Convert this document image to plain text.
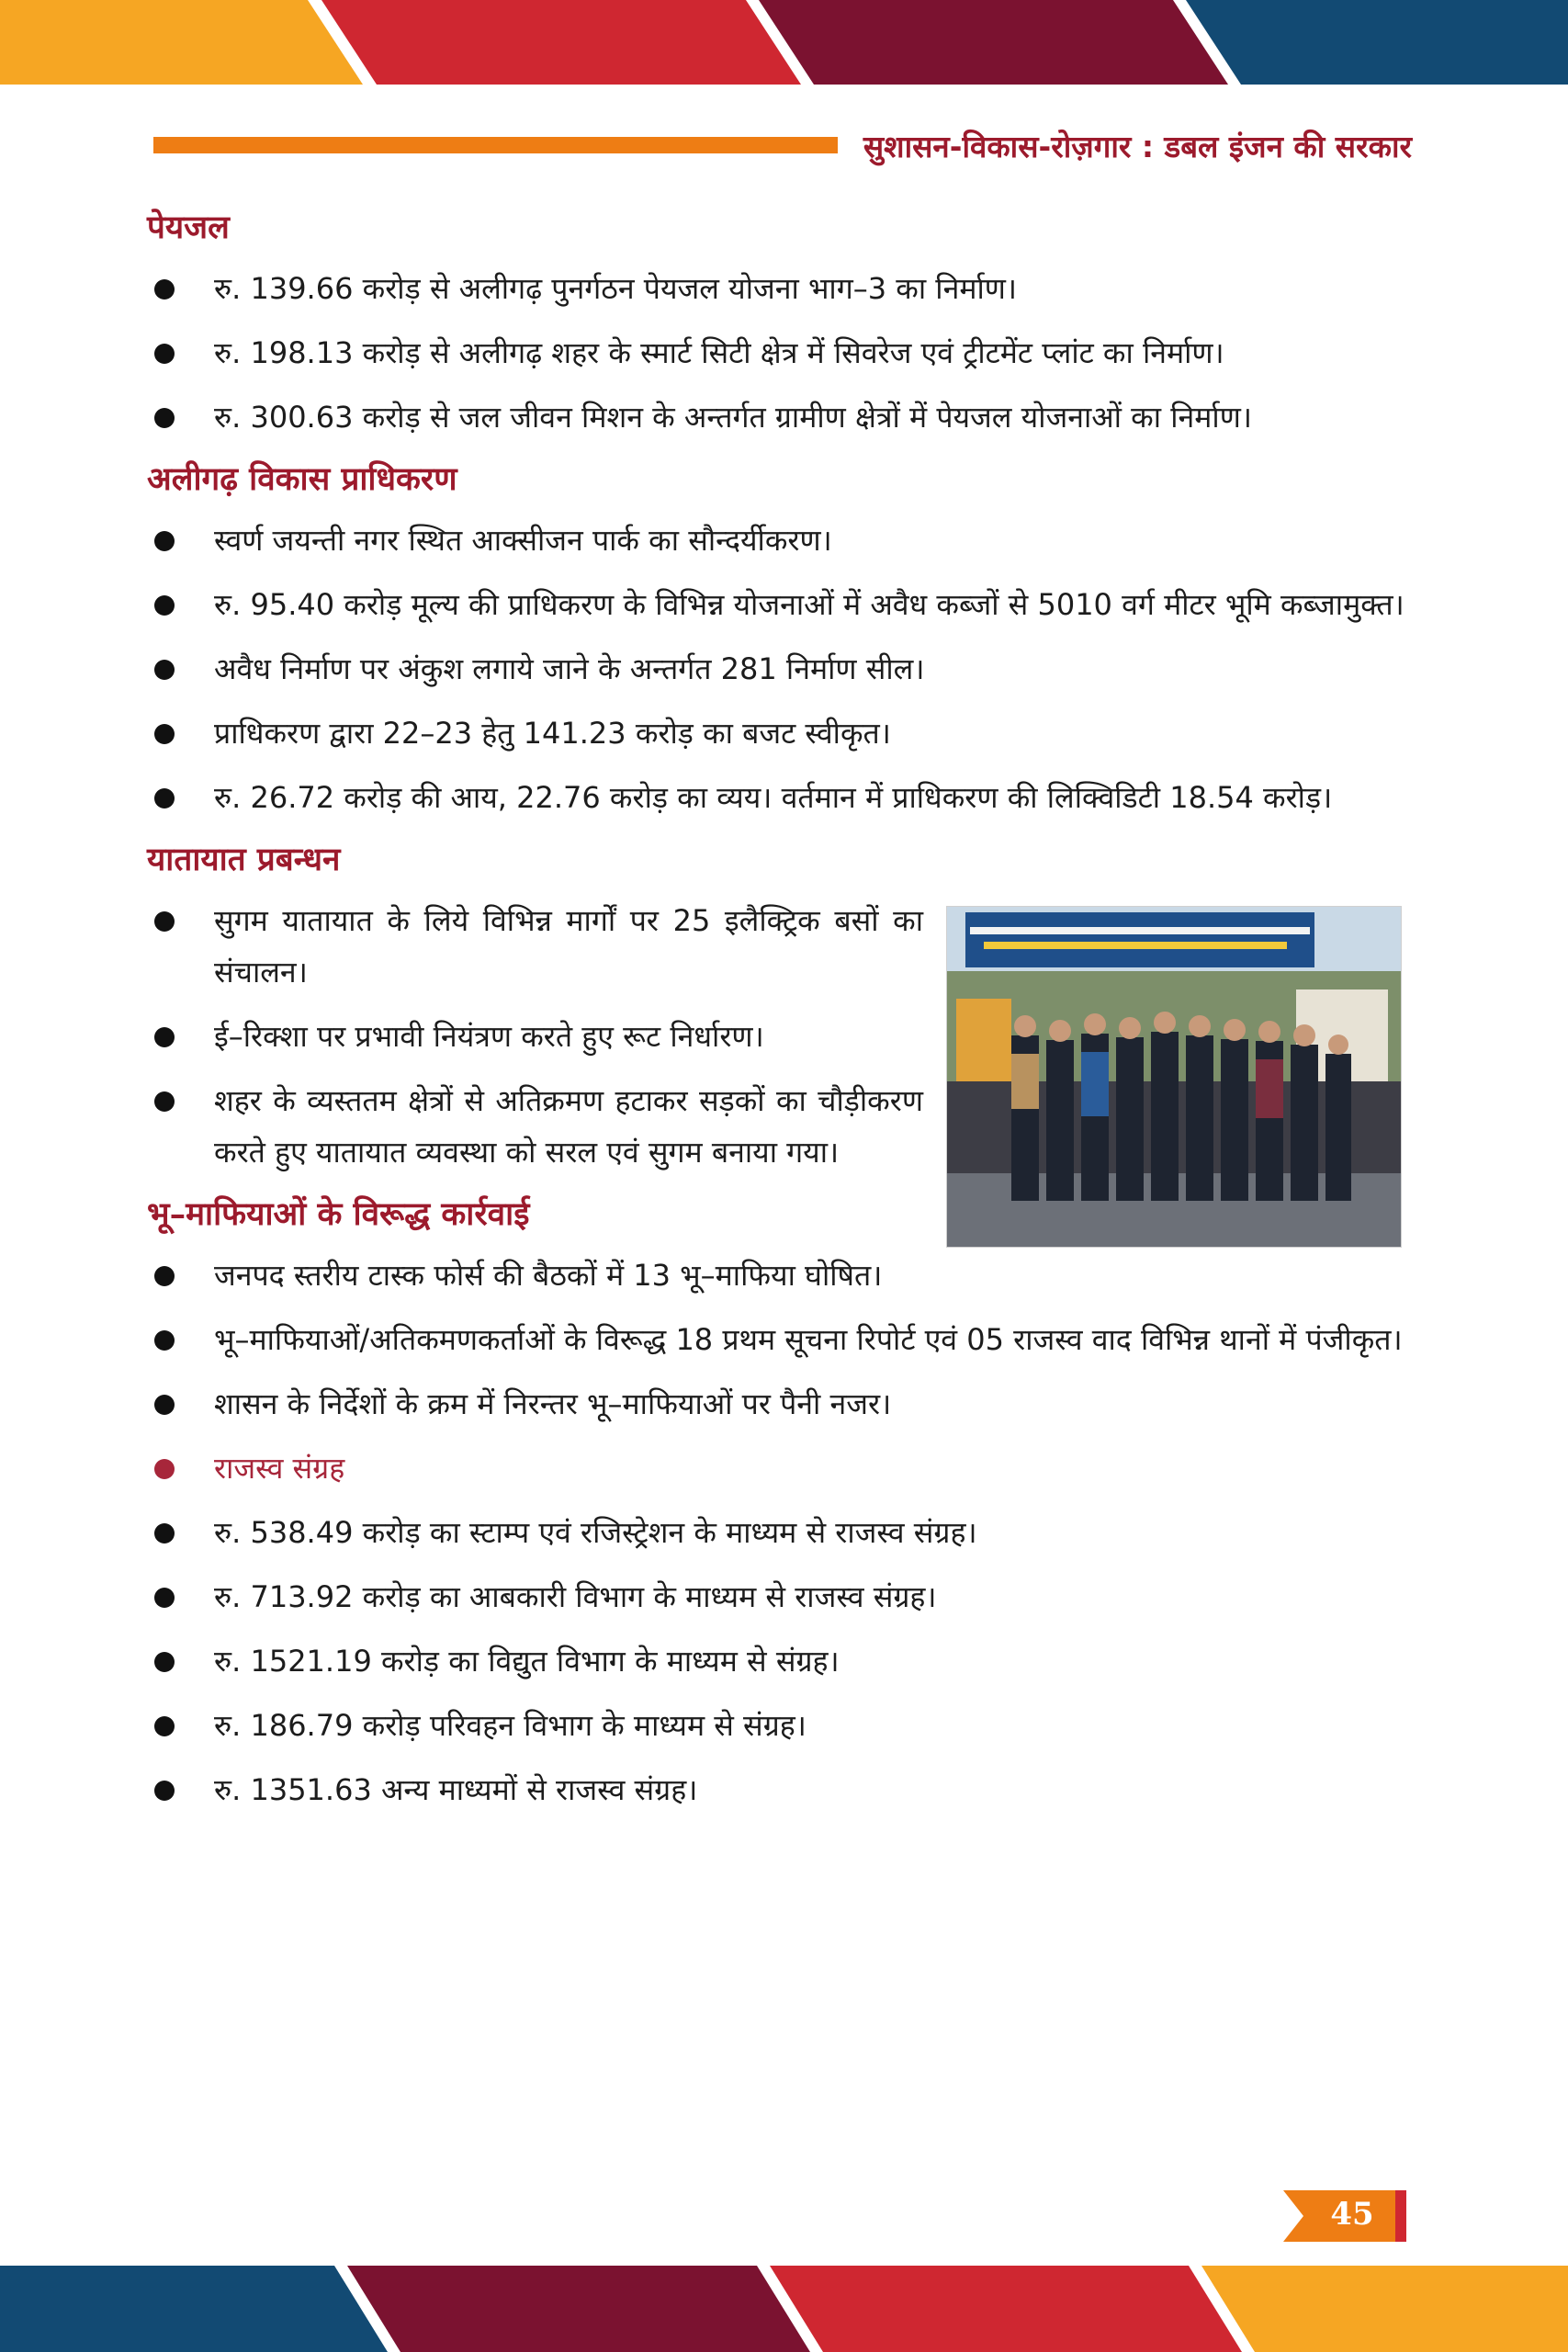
सुशासन-विकास-रोज़गार : डबल इंजन की सरकार
पेयजल
रु. 139.66 करोड़ से अलीगढ़ पुनर्गठन पेयजल योजना भाग–3 का निर्माण।
रु. 198.13 करोड़ से अलीगढ़ शहर के स्मार्ट सिटी क्षेत्र में सिवरेज एवं ट्रीटमेंट प्लांट का निर्माण।
रु. 300.63 करोड़ से जल जीवन मिशन के अन्तर्गत ग्रामीण क्षेत्रों में पेयजल योजनाओं का निर्माण।
अलीगढ़ विकास प्राधिकरण
स्वर्ण जयन्ती नगर स्थित आक्सीजन पार्क का सौन्दर्यीकरण।
रु. 95.40 करोड़ मूल्य की प्राधिकरण के विभिन्न योजनाओं में अवैध कब्जों से 5010 वर्ग मीटर भूमि कब्जामुक्त।
अवैध निर्माण पर अंकुश लगाये जाने के अन्तर्गत 281 निर्माण सील।
प्राधिकरण द्वारा 22–23 हेतु 141.23 करोड़ का बजट स्वीकृत।
रु. 26.72 करोड़ की आय, 22.76 करोड़ का व्यय। वर्तमान में प्राधिकरण की लिक्विडिटी 18.54 करोड़।
यातायात प्रबन्धन
सुगम यातायात के लिये विभिन्न मार्गों पर 25 इलैक्ट्रिक बसों का संचालन।
ई–रिक्शा पर प्रभावी नियंत्रण करते हुए रूट निर्धारण।
शहर के व्यस्ततम क्षेत्रों से अतिक्रमण हटाकर सड़कों का चौड़ीकरण करते हुए यातायात व्यवस्था को सरल एवं सुगम बनाया गया।
भू–माफियाओं के विरूद्ध कार्रवाई
जनपद स्तरीय टास्क फोर्स की बैठकों में 13 भू–माफिया घोषित।
भू–माफियाओं/अतिकमणकर्ताओं के विरूद्ध 18 प्रथम सूचना रिपोर्ट एवं 05 राजस्व वाद विभिन्न थानों में पंजीकृत।
शासन के निर्देशों के क्रम में निरन्तर भू–माफियाओं पर पैनी नजर।
राजस्व संग्रह
रु. 538.49 करोड़ का स्टाम्प एवं रजिस्ट्रेशन के माध्यम से राजस्व संग्रह।
रु. 713.92 करोड़ का आबकारी विभाग के माध्यम से राजस्व संग्रह।
रु. 1521.19 करोड़ का विद्युत विभाग के माध्यम से संग्रह।
रु. 186.79 करोड़ परिवहन विभाग के माध्यम से संग्रह।
रु. 1351.63 अन्य माध्यमों से राजस्व संग्रह।
45
